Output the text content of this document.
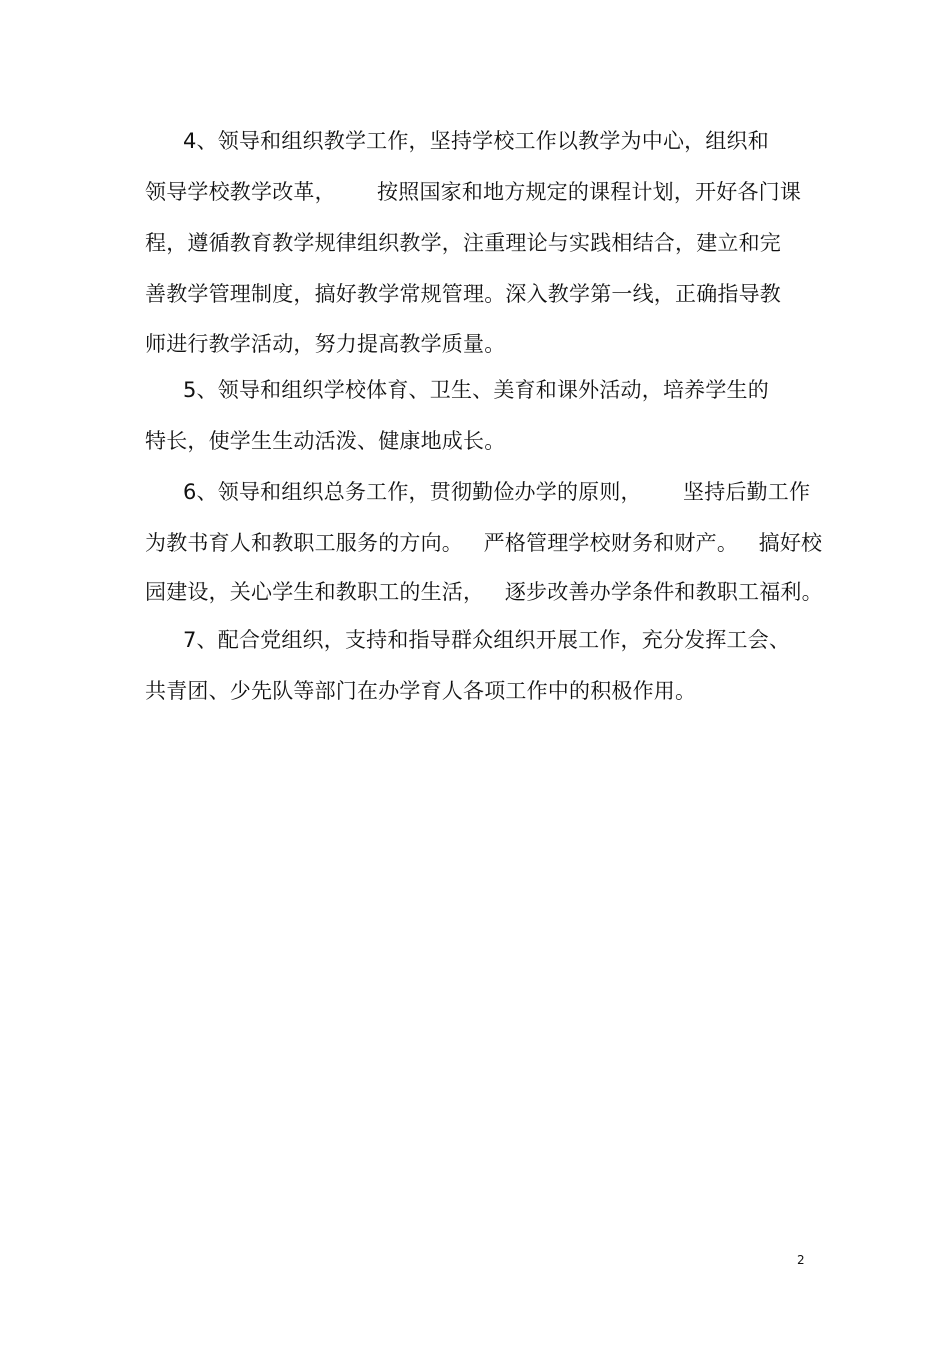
4、领导和组织教学工作，坚持学校工作以教学为中心，组织和
领导学校教学改革，      按照国家和地方规定的课程计划，开好各门课
程，遵循教育教学规律组织教学，注重理论与实践相结合，建立和完
善教学管理制度，搞好教学常规管理。深入教学第一线，正确指导教
师进行教学活动，努力提高教学质量。
5、领导和组织学校体育、卫生、美育和课外活动，培养学生的
特长，使学生生动活泼、健康地成长。
6、领导和组织总务工作，贯彻勤俭办学的原则，      坚持后勤工作
为教书育人和教职工服务的方向。   严格管理学校财务和财产。   搞好校
园建设，关心学生和教职工的生活，   逐步改善办学条件和教职工福利。
7、配合党组织，支持和指导群众组织开展工作，充分发挥工会、
共青团、少先队等部门在办学育人各项工作中的积极作用。
2
